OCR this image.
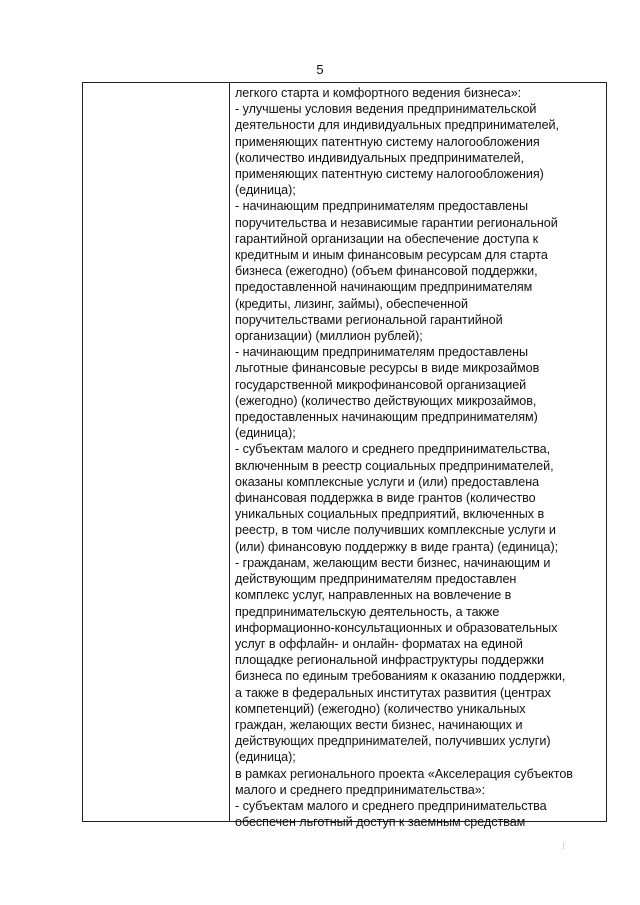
5
легкого старта и комфортного ведения бизнеса»:
- улучшены условия ведения предпринимательской
деятельности для индивидуальных предпринимателей,
применяющих патентную систему налогообложения
(количество индивидуальных предпринимателей,
применяющих патентную систему налогообложения)
(единица);
- начинающим предпринимателям предоставлены
поручительства и независимые гарантии региональной
гарантийной организации на обеспечение доступа к
кредитным и иным финансовым ресурсам для старта
бизнеса (ежегодно) (объем финансовой поддержки,
предоставленной начинающим предпринимателям
(кредиты, лизинг, займы), обеспеченной
поручительствами региональной гарантийной
организации) (миллион рублей);
- начинающим предпринимателям предоставлены
льготные финансовые ресурсы в виде микрозаймов
государственной микрофинансовой организацией
(ежегодно) (количество действующих микрозаймов,
предоставленных начинающим предпринимателям)
(единица);
- субъектам малого и среднего предпринимательства,
включенным в реестр социальных предпринимателей,
оказаны комплексные услуги и (или) предоставлена
финансовая поддержка в виде грантов (количество
уникальных социальных предприятий, включенных в
реестр, в том числе получивших комплексные услуги и
(или) финансовую поддержку в виде гранта) (единица);
- гражданам, желающим вести бизнес, начинающим и
действующим предпринимателям предоставлен
комплекс услуг, направленных на вовлечение в
предпринимательскую деятельность, а также
информационно-консультационных и образовательных
услуг в оффлайн- и онлайн- форматах на единой
площадке региональной инфраструктуры поддержки
бизнеса по единым требованиям к оказанию поддержки,
а также в федеральных институтах развития (центрах
компетенций) (ежегодно) (количество уникальных
граждан, желающих вести бизнес, начинающих и
действующих предпринимателей, получивших услуги)
(единица);
в рамках регионального проекта «Акселерация субъектов
малого и среднего предпринимательства»:
- субъектам малого и среднего предпринимательства
обеспечен льготный доступ к заемным средствам
⁝
